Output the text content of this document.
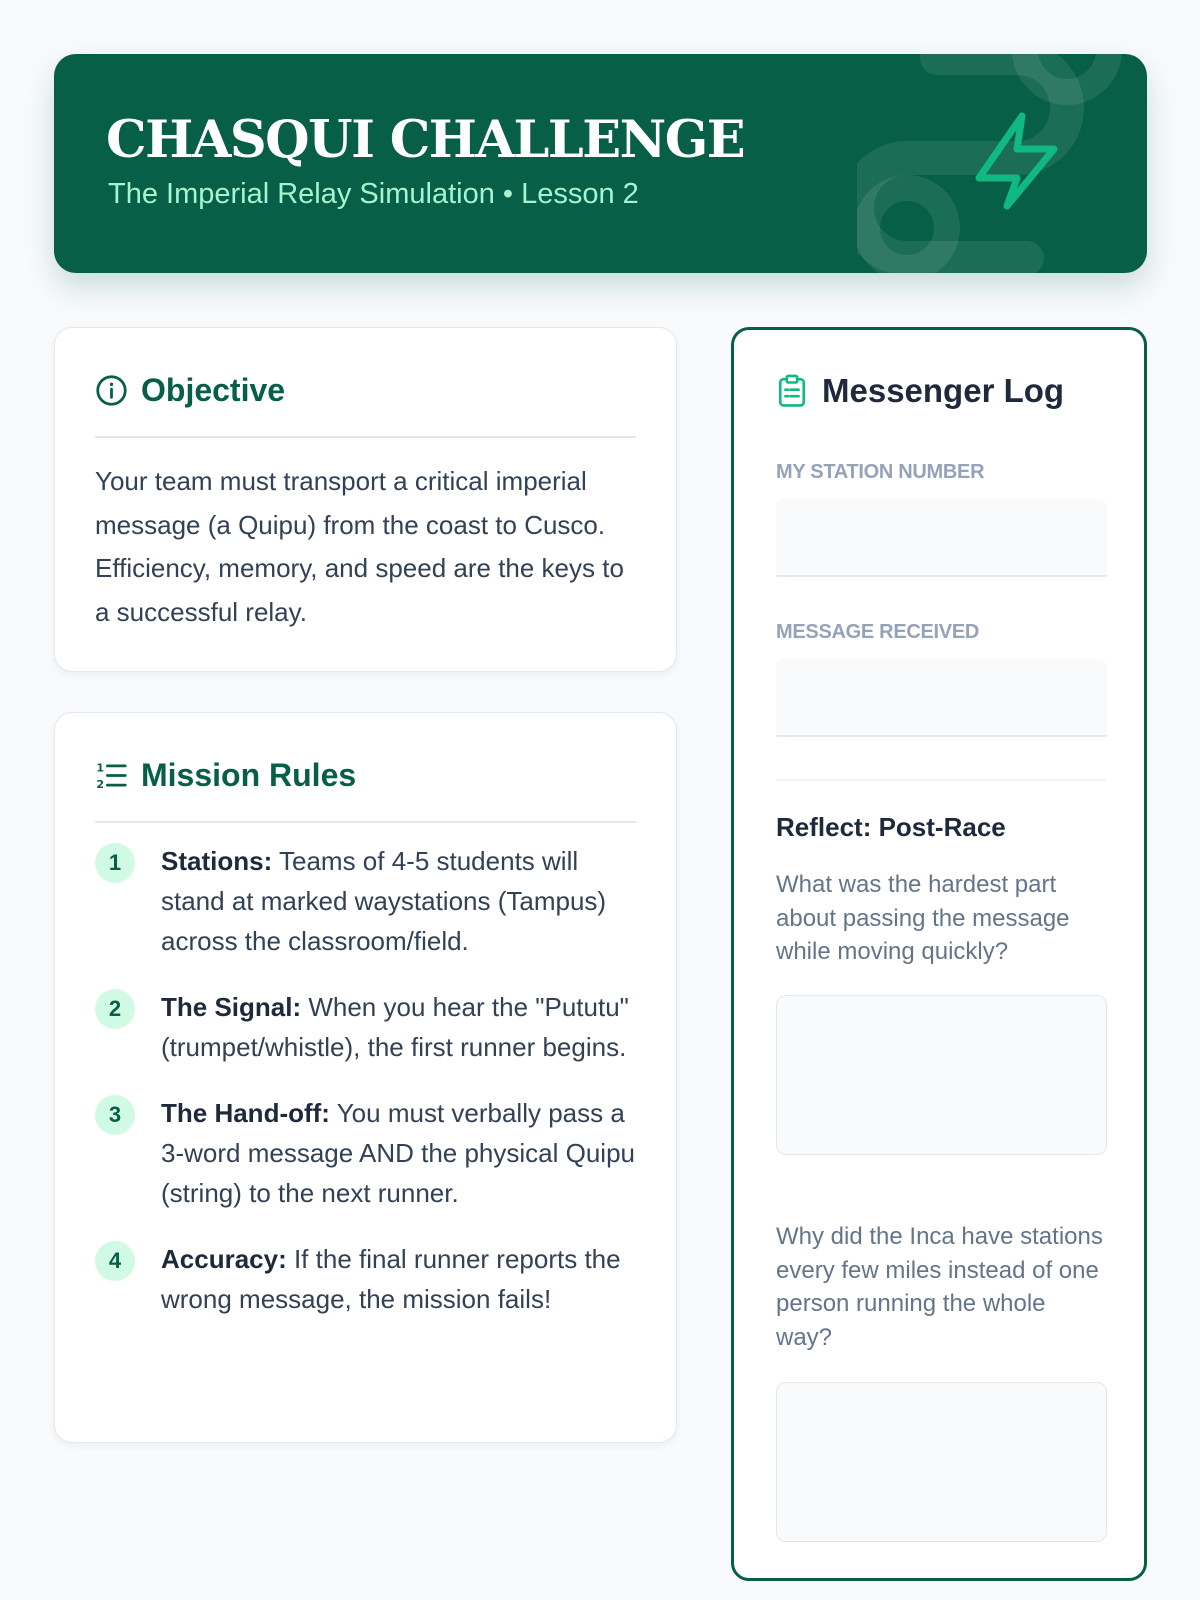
CHASQUI CHALLENGE
The Imperial Relay Simulation • Lesson 2
Objective

Your team must transport a critical imperial message (a Quipu) from the coast to Cusco. Efficiency, memory, and speed are the keys to a successful relay.

1
2 Mission Rules
1	Stations: Teams of 4-5 students will stand at marked waystations (Tampus) across the classroom/field.
2	The Signal: When you hear the "Pututu" (trumpet/whistle), the first runner begins.
3	The Hand-off: You must verbally pass a 3-word message AND the physical Quipu (string) to the next runner.
4	Accuracy: If the final runner reports the wrong message, the mission fails!
Messenger Log
MY STATION NUMBER
MESSAGE RECEIVED
Reflect: Post-Race

What was the hardest part about passing the message while moving quickly?

Why did the Inca have stations every few miles instead of one person running the whole way?
